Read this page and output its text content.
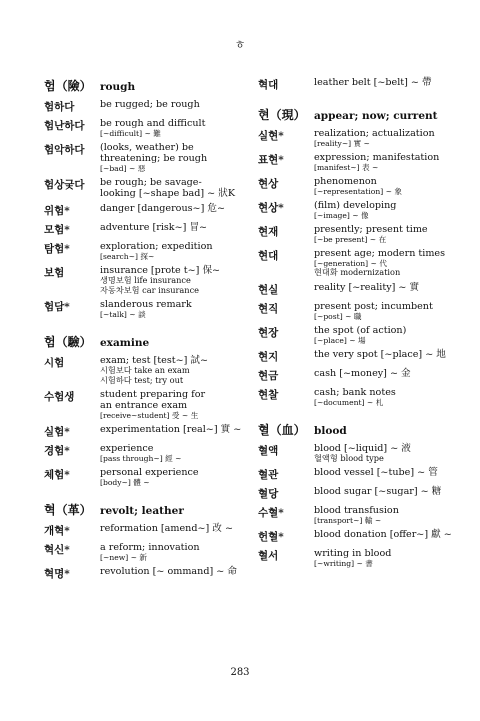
ㅎ
험（險） rough
험하다	be rugged; be rough
험난하다	be rough and difficult
[~difficult] ~ 難
험악하다	(looks, weather) be
threatening; be rough
[~bad] ~ 惡
험상궂다	be rough; be savage-
looking [~shape bad] ~ 狀K
위험*	danger [dangerous~] 危~
모험*	adventure [risk~] 冒~
탐험*	exploration; expedition
[search~] 探~
보험	insurance [prote t~] 保~
생명보험 life insurance
자동차보험 car insurance
험담*	slanderous remark
[~talk] ~ 談
험（驗） examine
시험	exam; test [test~] 試~
시험보다 take an exam
시험하다 test; try out
수험생	student preparing for
an entrance exam
[receive~student] 受 ~ 生
실험*	experimentation [real~] 實 ~
경험*	experience
[pass through~] 經 ~
체험*	personal experience
[body~] 體 ~
혁（革） revolt; leather
개혁*	reformation [amend~] 改 ~
혁신*	a reform; innovation
[~new] ~ 新
혁명*	revolution [~ ommand] ~ 命
혁대	leather belt [~belt] ~ 帶
현（現） appear; now; current
실현*	realization; actualization
[reality~] 實 ~
표현*	expression; manifestation
[manifest~] 表 ~
현상	phenomenon
[~representation] ~ 象
현상*	(film) developing
[~image] ~ 像
현재	presently; present time
[~be present] ~ 在
현대	present age; modern times
[~generation] ~ 代
현대화 modernization
현실	reality [~reality] ~ 實
현직	present post; incumbent
[~post] ~ 職
현장	the spot (of action)
[~place] ~ 場
현지	the very spot [~place] ~ 地
현금	cash [~money] ~ 金
현찰	cash; bank notes
[~document] ~ 札
혈（血） blood
혈액	blood [~liquid] ~ 液
혈액형 blood type
혈관	blood vessel [~tube] ~ 管
혈당	blood sugar [~sugar] ~ 糖
수혈*	blood transfusion
[transport~] 輸 ~
헌혈*	blood donation [offer~] 獻 ~
혈서	writing in blood
[~writing] ~ 書
283
